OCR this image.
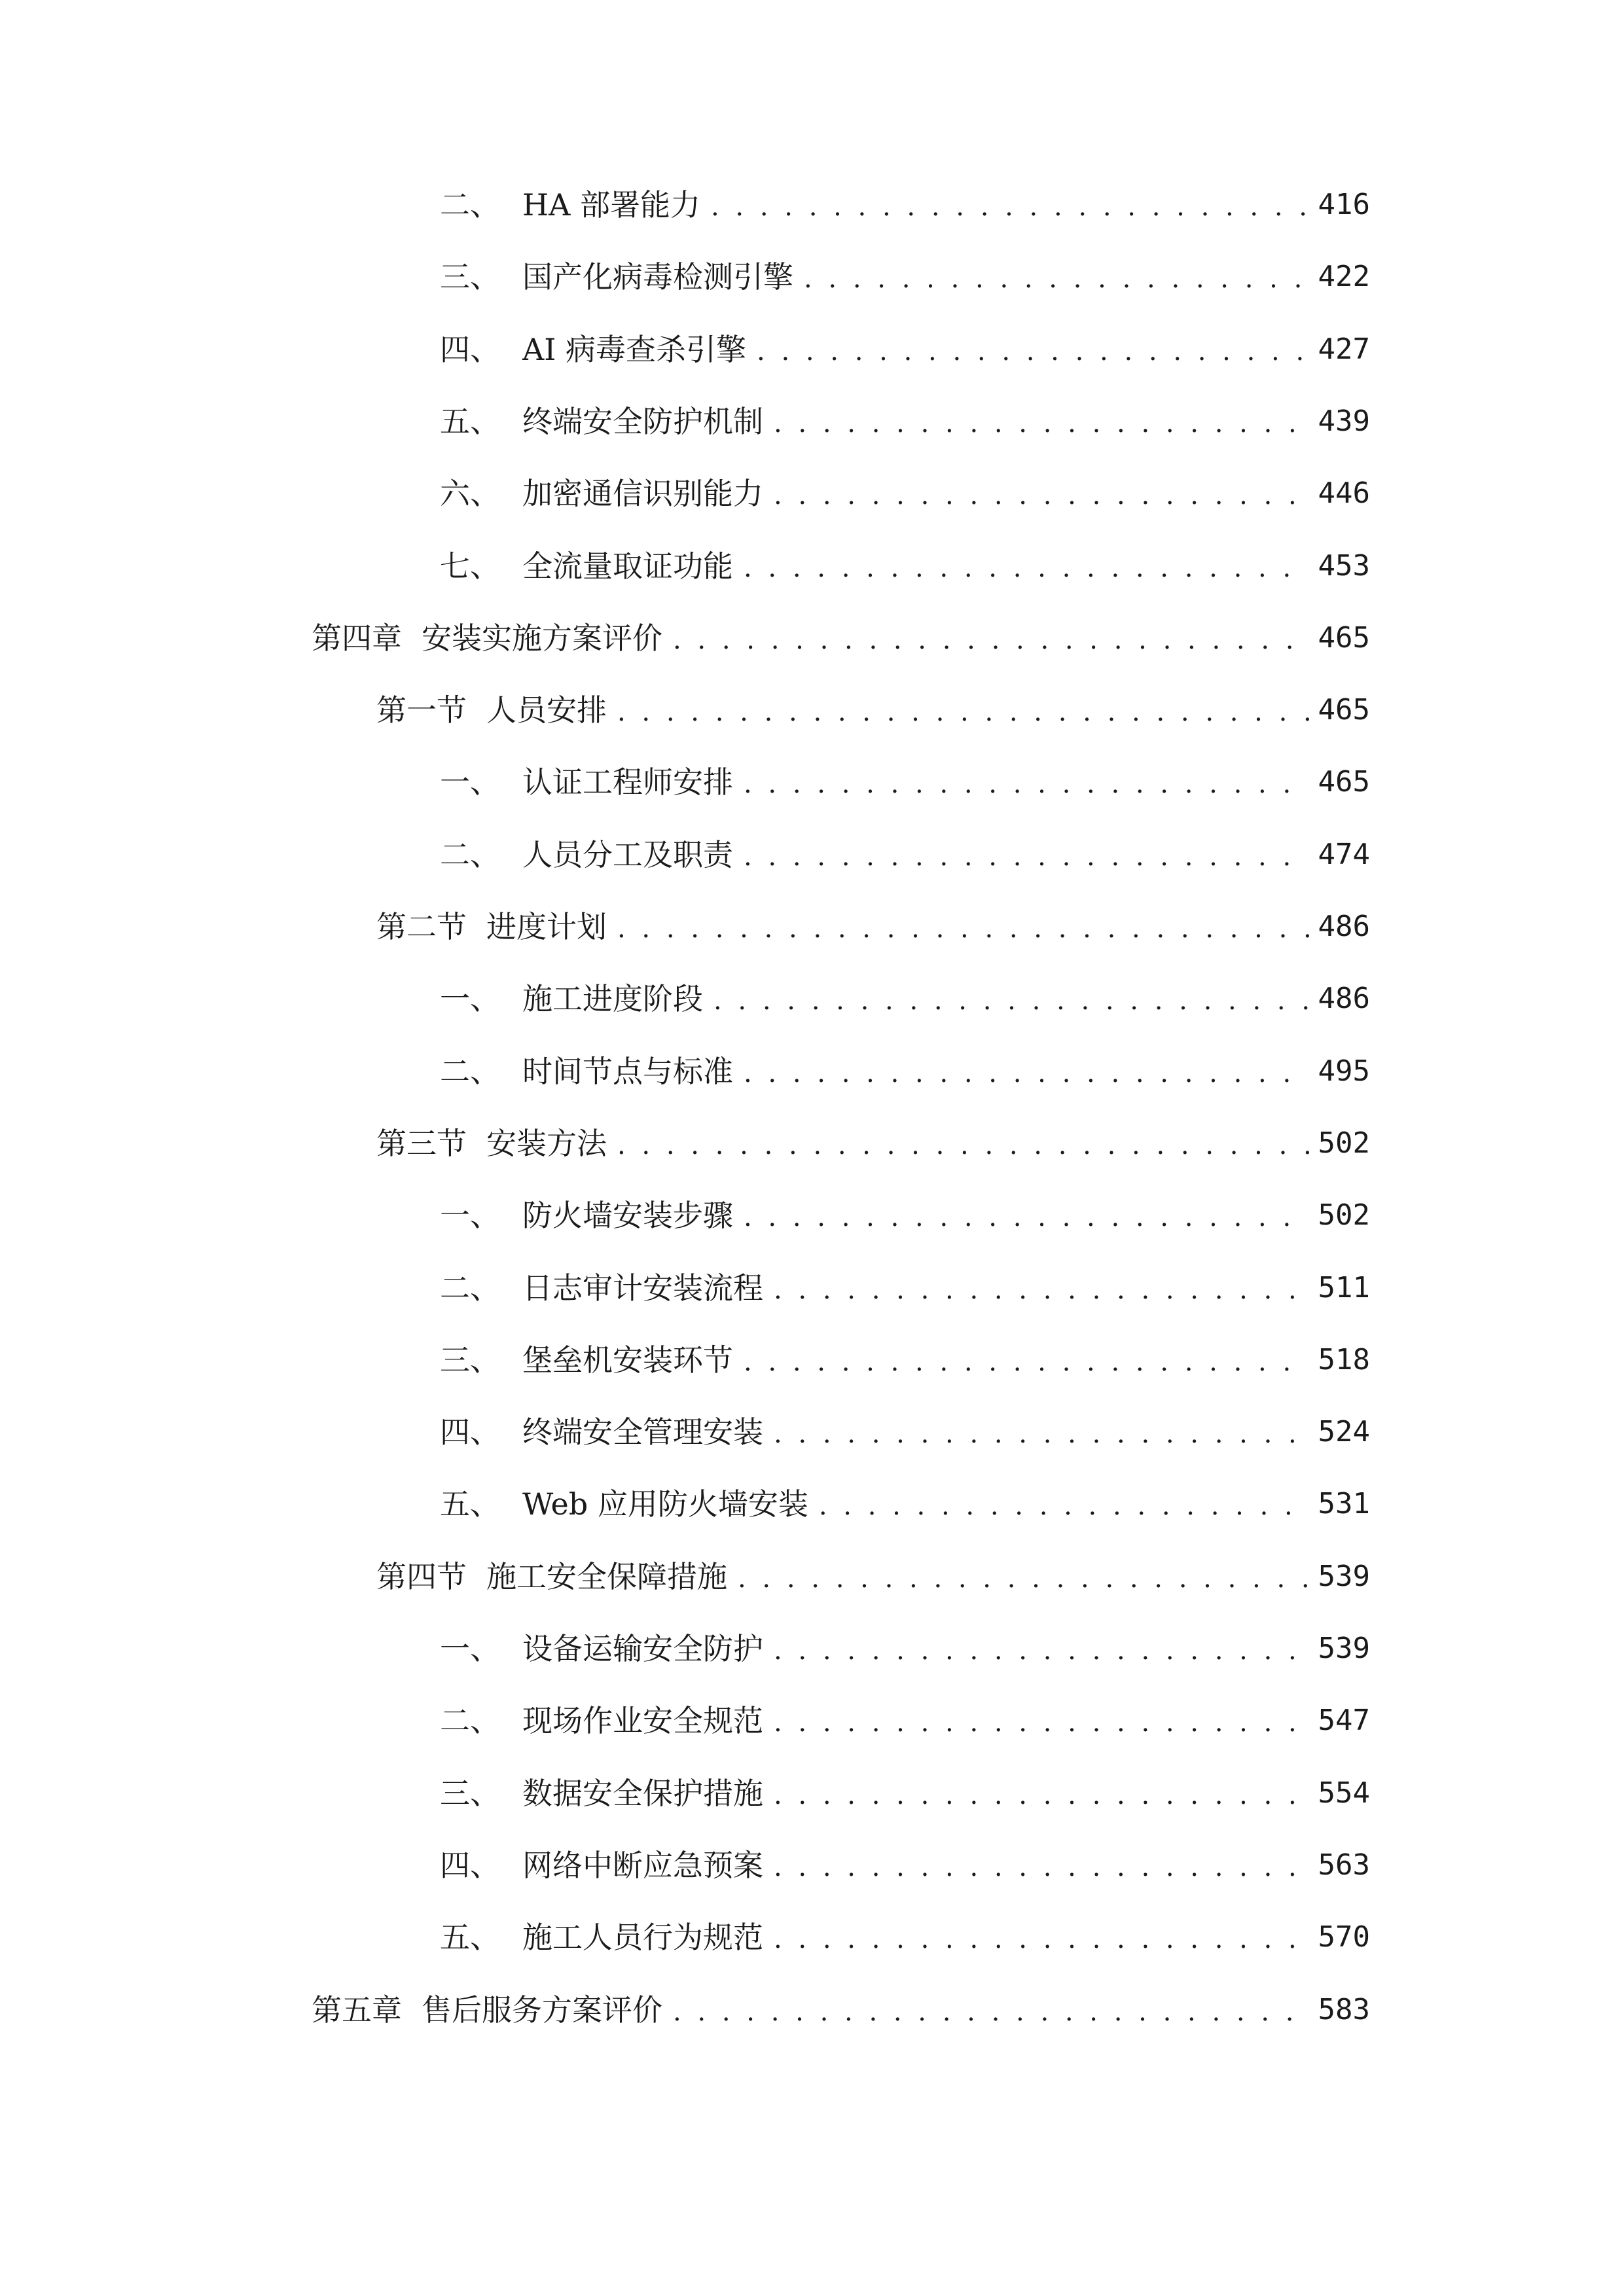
二、 HA 部署能力 . . .	416
三、 国产化病毒检测引擎 . . .	422
四、 AI 病毒查杀引擎 . . .	427
五、 终端安全防护机制 . . .	439
六、 加密通信识别能力 . . .	446
七、 全流量取证功能 . . .	453
第四章 安装实施方案评价 . . .	465
第一节 人员安排 . . .	465
一、 认证工程师安排 . . .	465
二、 人员分工及职责 . . .	474
第二节 进度计划 . . .	486
一、 施工进度阶段 . . .	486
二、 时间节点与标准 . . .	495
第三节 安装方法 . . .	502
一、 防火墙安装步骤 . . .	502
二、 日志审计安装流程 . . .	511
三、 堡垒机安装环节 . . .	518
四、 终端安全管理安装 . . .	524
五、 Web 应用防火墙安装 . . .	531
第四节 施工安全保障措施 . . .	539
一、 设备运输安全防护 . . .	539
二、 现场作业安全规范 . . .	547
三、 数据安全保护措施 . . .	554
四、 网络中断应急预案 . . .	563
五、 施工人员行为规范 . . .	570
第五章 售后服务方案评价 . . .	583
